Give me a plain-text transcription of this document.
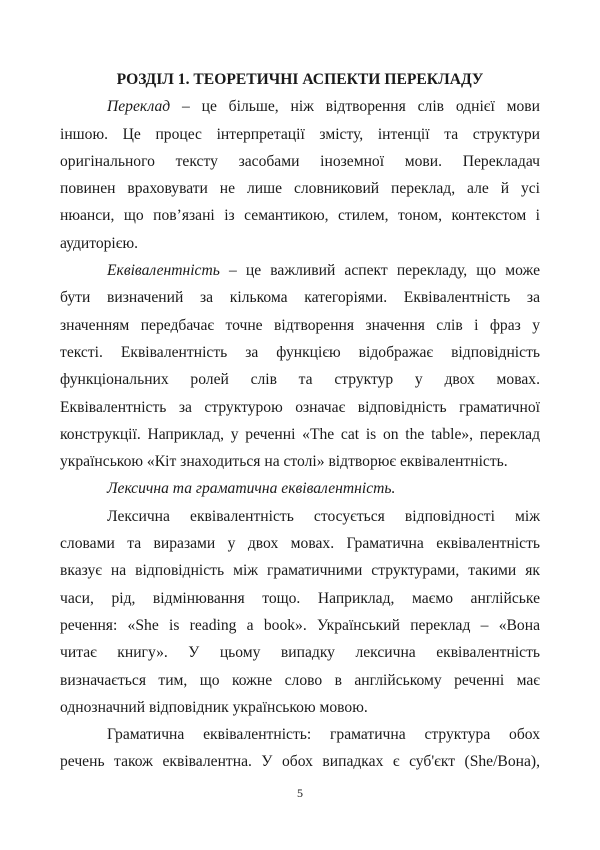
РОЗДІЛ 1. ТЕОРЕТИЧНІ АСПЕКТИ ПЕРЕКЛАДУ
Переклад – це більше, ніж відтворення слів однієї мови
іншою. Це процес інтерпретації змісту, інтенції та структури
оригінального тексту засобами іноземної мови. Перекладач
повинен враховувати не лише словниковий переклад, але й усі
нюанси, що пов’язані із семантикою, стилем, тоном, контекстом і
аудиторією.
Еквівалентність – це важливий аспект перекладу, що може
бути визначений за кількома категоріями. Еквівалентність за
значенням передбачає точне відтворення значення слів і фраз у
тексті. Еквівалентність за функцією відображає відповідність
функціональних ролей слів та структур у двох мовах.
Еквівалентність за структурою означає відповідність граматичної
конструкції. Наприклад, у реченні «The cat is on the table», переклад
українською «Кіт знаходиться на столі» відтворює еквівалентність.
Лексична та граматична еквівалентність.
Лексична еквівалентність стосується відповідності між
словами та виразами у двох мовах. Граматична еквівалентність
вказує на відповідність між граматичними структурами, такими як
часи, рід, відмінювання тощо. Наприклад, маємо англійське
речення: «She is reading a book». Український переклад – «Вона
читає книгу». У цьому випадку лексична еквівалентність
визначається тим, що кожне слово в англійському реченні має
однозначний відповідник українською мовою.
Граматична еквівалентність: граматична структура обох
речень також еквівалентна. У обох випадках є суб'єкт (She/Вона),
5
